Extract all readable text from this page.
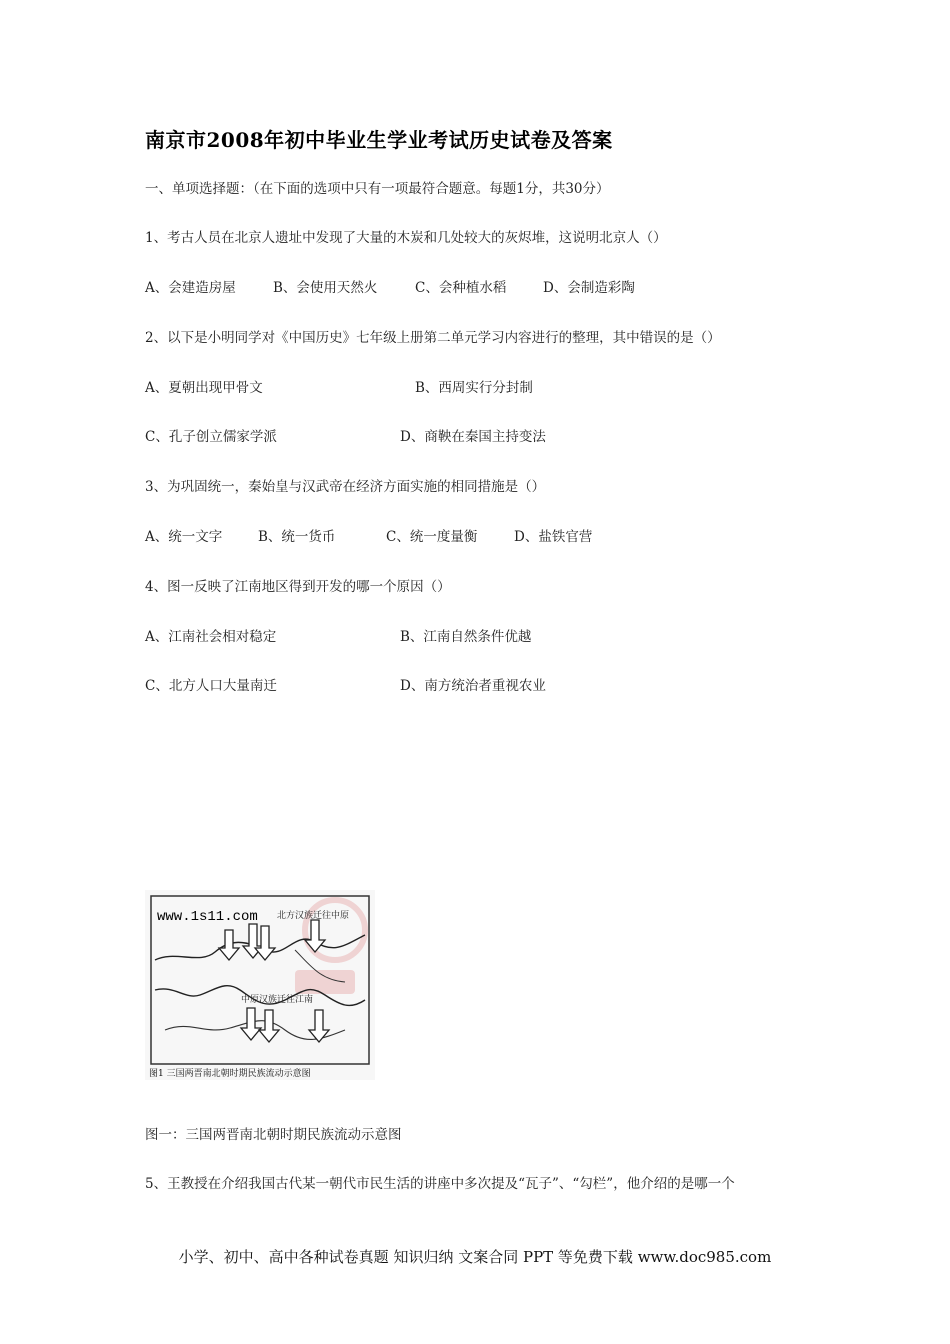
南京市2008年初中毕业生学业考试历史试卷及答案
一、单项选择题：（在下面的选项中只有一项最符合题意。每题1分，共30分）
1、考古人员在北京人遗址中发现了大量的木炭和几处较大的灰烬堆，这说明北京人（）
A、会建造房屋	B、会使用天然火	C、会种植水稻	D、会制造彩陶
2、以下是小明同学对《中国历史》七年级上册第二单元学习内容进行的整理，其中错误的是（）
A、夏朝出现甲骨文	B、西周实行分封制
C、孔子创立儒家学派	D、商鞅在秦国主持变法
3、为巩固统一，秦始皇与汉武帝在经济方面实施的相同措施是（）
A、统一文字	B、统一货币	C、统一度量衡	D、盐铁官营
4、图一反映了江南地区得到开发的哪一个原因（）
A、江南社会相对稳定	B、江南自然条件优越
C、北方人口大量南迁	D、南方统治者重视农业
www.1s11.com 北方汉族迁往中原
中原汉族迁往江南
图1 三国两晋南北朝时期民族流动示意图
图一：三国两晋南北朝时期民族流动示意图
5、王教授在介绍我国古代某一朝代市民生活的讲座中多次提及“瓦子”、“勾栏”，他介绍的是哪一个
小学、初中、高中各种试卷真题 知识归纳 文案合同 PPT 等免费下载 www.doc985.com
